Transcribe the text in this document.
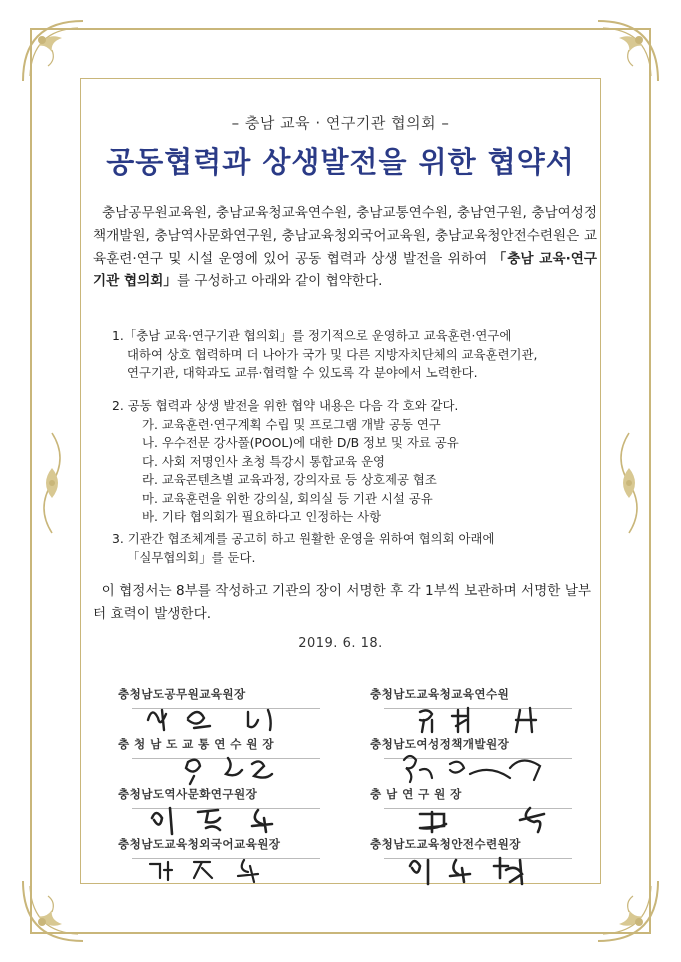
– 충남 교육 · 연구기관 협의회 –
공동협력과 상생발전을 위한 협약서
충남공무원교육원, 충남교육청교육연수원, 충남교통연수원, 충남연구원, 충남여성정책개발원, 충남역사문화연구원, 충남교육청외국어교육원, 충남교육청안전수련원은 교육훈련·연구 및 시설 운영에 있어 공동 협력과 상생 발전을 위하여 「충남 교육·연구기관 협의회」를 구성하고 아래와 같이 협약한다.
1.「충남 교육·연구기관 협의회」를 정기적으로 운영하고 교육훈련·연구에
대하여 상호 협력하며 더 나아가 국가 및 다른 지방자치단체의 교육훈련기관,
연구기관, 대학과도 교류·협력할 수 있도록 각 분야에서 노력한다.
2. 공동 협력과 상생 발전을 위한 협약 내용은 다음 각 호와 같다.
가. 교육훈련·연구계획 수립 및 프로그램 개발 공동 연구
나. 우수전문 강사풀(POOL)에 대한 D/B 정보 및 자료 공유
다. 사회 저명인사 초청 특강시 통합교육 운영
라. 교육콘텐츠별 교육과정, 강의자료 등 상호제공 협조
마. 교육훈련을 위한 강의실, 회의실 등 기관 시설 공유
바. 기타 협의회가 필요하다고 인정하는 사항
3. 기관간 협조체계를 공고히 하고 원활한 운영을 위하여 협의회 아래에
「실무협의회」를 둔다.
이 협정서는 8부를 작성하고 기관의 장이 서명한 후 각 1부씩 보관하며 서명한 날부터 효력이 발생한다.
2019. 6. 18.
충청남도공무원교육원장	충청남도교육청교육연수원
충 청 남 도 교 통 연 수 원 장	충청남도여성정책개발원장
충청남도역사문화연구원장	충 남 연 구 원 장
충청남도교육청외국어교육원장	충청남도교육청안전수련원장
